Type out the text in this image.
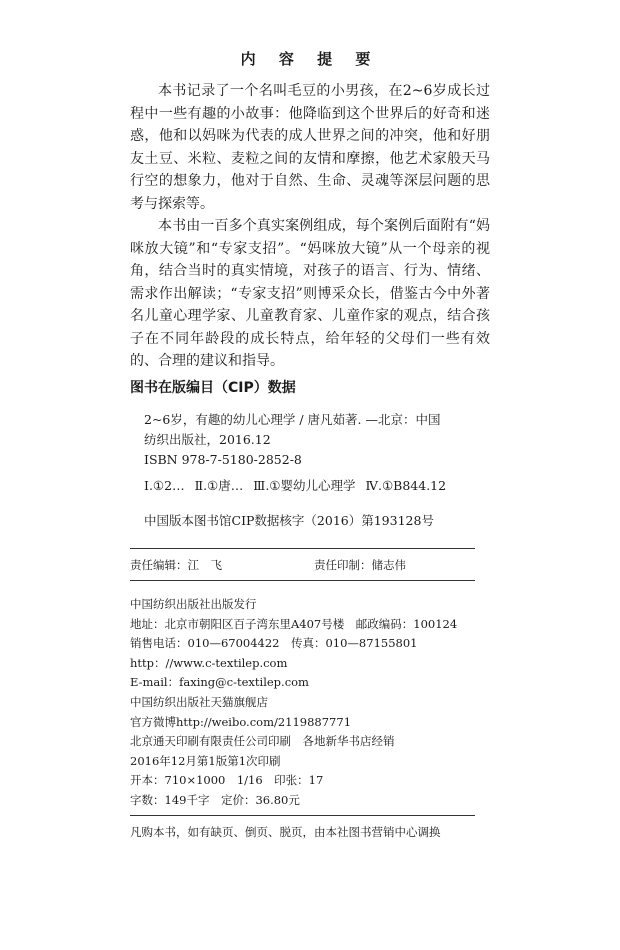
内 容 提 要

本书记录了一个名叫毛豆的小男孩，在2~6岁成长过程中一些有趣的小故事：他降临到这个世界后的好奇和迷惑，他和以妈咪为代表的成人世界之间的冲突，他和好朋友土豆、米粒、麦粒之间的友情和摩擦，他艺术家般天马行空的想象力，他对于自然、生命、灵魂等深层问题的思考与探索等。

本书由一百多个真实案例组成，每个案例后面附有“妈咪放大镜”和“专家支招”。“妈咪放大镜”从一个母亲的视角，结合当时的真实情境，对孩子的语言、行为、情绪、需求作出解读；“专家支招”则博采众长，借鉴古今中外著名儿童心理学家、儿童教育家、儿童作家的观点，结合孩子在不同年龄段的成长特点，给年轻的父母们一些有效的、合理的建议和指导。

图书在版编目（CIP）数据
2~6岁，有趣的幼儿心理学 / 唐凡茹著. —北京：中国
纺织出版社，2016.12
ISBN 978-7-5180-2852-8
Ⅰ.①2… Ⅱ.①唐… Ⅲ.①婴幼儿心理学 Ⅳ.①B844.12
中国版本图书馆CIP数据核字（2016）第193128号
责任编辑：江　飞	责任印制：储志伟
中国纺织出版社出版发行
地址：北京市朝阳区百子湾东里A407号楼　邮政编码：100124
销售电话：010—67004422　传真：010—87155801
http：//www.c-textilep.com
E-mail：faxing@c-textilep.com
中国纺织出版社天猫旗舰店
官方微博http://weibo.com/2119887771
北京通天印刷有限责任公司印刷　各地新华书店经销
2016年12月第1版第1次印刷
开本：710×1000　1/16　印张：17
字数：149千字　定价：36.80元
凡购本书，如有缺页、倒页、脱页，由本社图书营销中心调换
